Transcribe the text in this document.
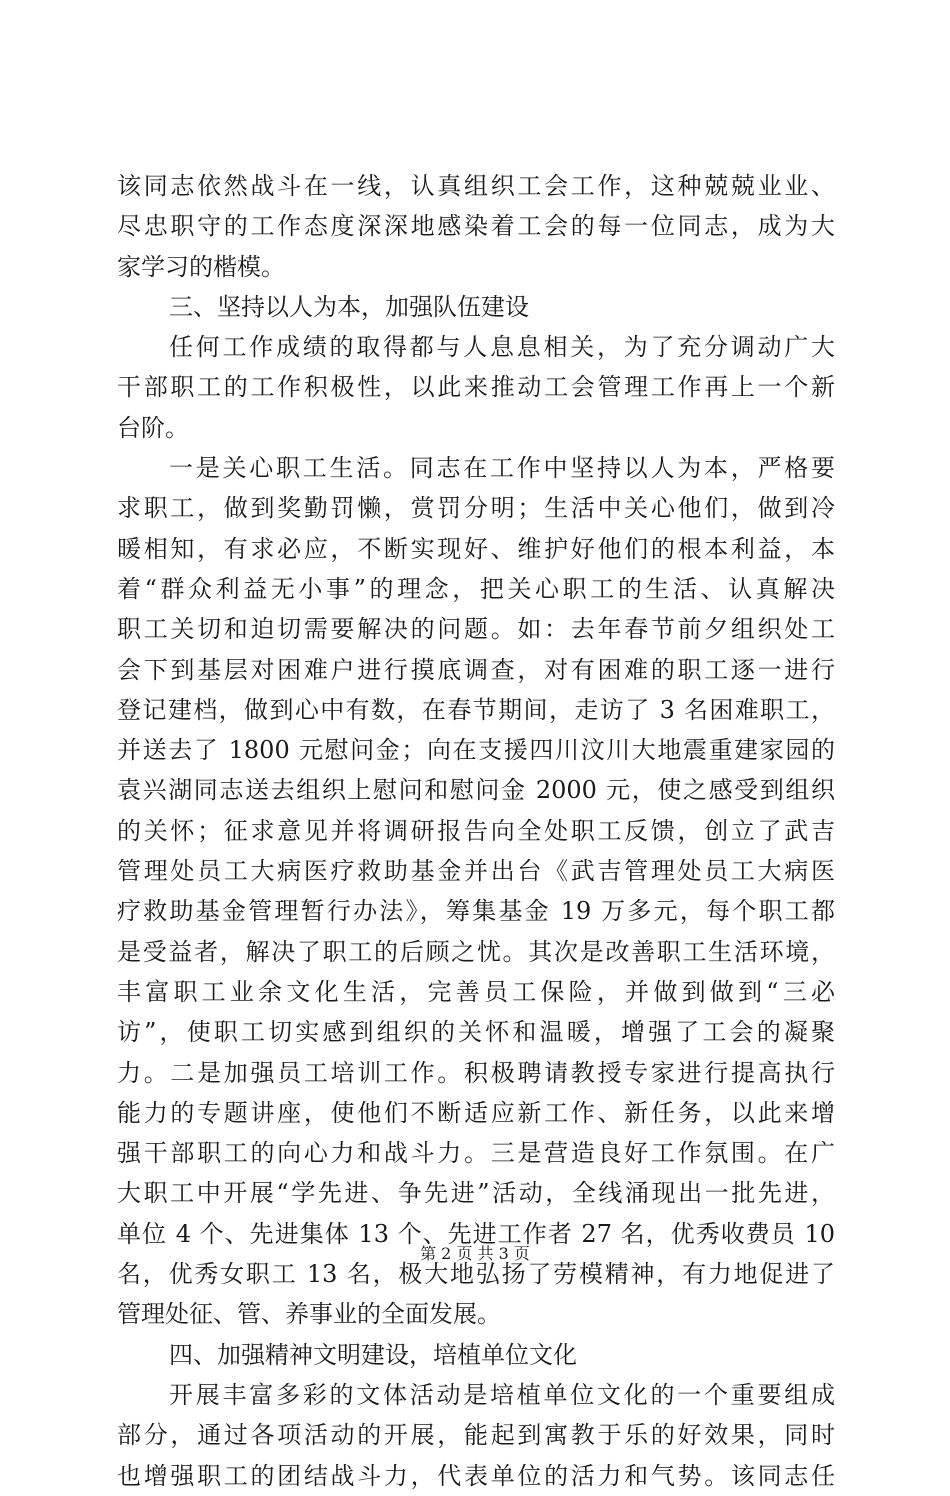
该同志依然战斗在一线，认真组织工会工作，这种兢兢业业、
尽忠职守的工作态度深深地感染着工会的每一位同志，成为大
家学习的楷模。
三、坚持以人为本，加强队伍建设
任何工作成绩的取得都与人息息相关，为了充分调动广大
干部职工的工作积极性，以此来推动工会管理工作再上一个新
台阶。
一是关心职工生活。同志在工作中坚持以人为本，严格要
求职工，做到奖勤罚懒，赏罚分明；生活中关心他们，做到冷
暖相知，有求必应，不断实现好、维护好他们的根本利益，本
着“群众利益无小事”的理念，把关心职工的生活、认真解决
职工关切和迫切需要解决的问题。如：去年春节前夕组织处工
会下到基层对困难户进行摸底调查，对有困难的职工逐一进行
登记建档，做到心中有数，在春节期间，走访了 3 名困难职工，
并送去了 1800 元慰问金；向在支援四川汶川大地震重建家园的
袁兴湖同志送去组织上慰问和慰问金 2000 元，使之感受到组织
的关怀；征求意见并将调研报告向全处职工反馈，创立了武吉
管理处员工大病医疗救助基金并出台《武吉管理处员工大病医
疗救助基金管理暂行办法》，筹集基金 19 万多元，每个职工都
是受益者，解决了职工的后顾之忧。其次是改善职工生活环境，
丰富职工业余文化生活，完善员工保险，并做到做到“三必
访”，使职工切实感到组织的关怀和温暖，增强了工会的凝聚
力。二是加强员工培训工作。积极聘请教授专家进行提高执行
能力的专题讲座，使他们不断适应新工作、新任务，以此来增
强干部职工的向心力和战斗力。三是营造良好工作氛围。在广
大职工中开展“学先进、争先进”活动，全线涌现出一批先进，
单位 4 个、先进集体 13 个、先进工作者 27 名，优秀收费员 10
名，优秀女职工 13 名，极大地弘扬了劳模精神，有力地促进了
管理处征、管、养事业的全面发展。
四、加强精神文明建设，培植单位文化
开展丰富多彩的文体活动是培植单位文化的一个重要组成
部分，通过各项活动的开展，能起到寓教于乐的好效果，同时
也增强职工的团结战斗力，代表单位的活力和气势。该同志任
第 2 页 共 3 页
